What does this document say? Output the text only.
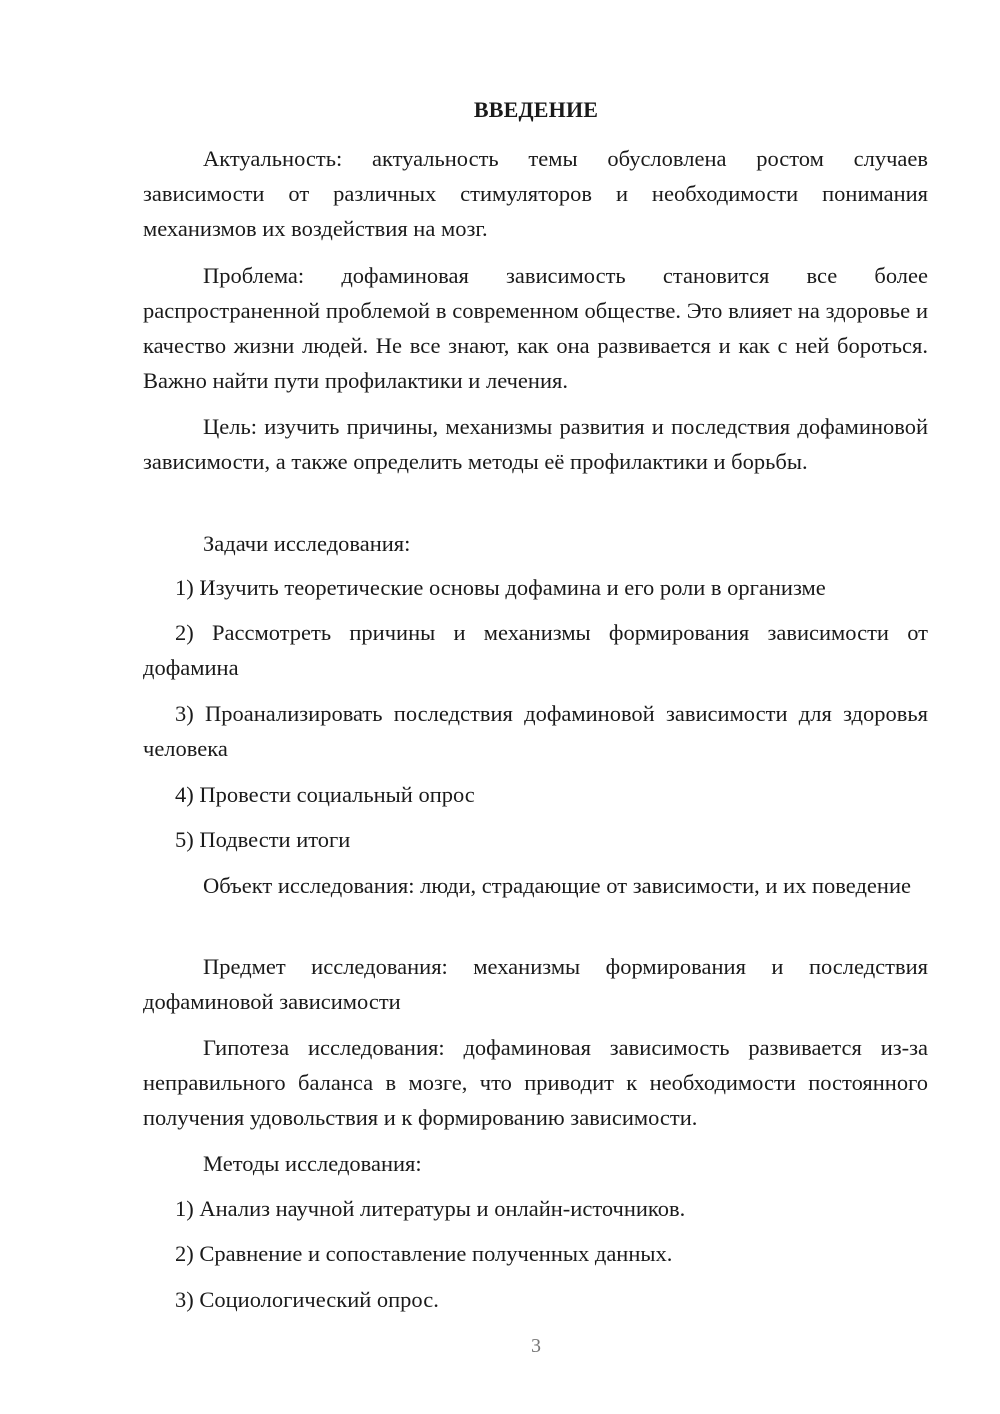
ВВЕДЕНИЕ

Актуальность: актуальность темы обусловлена ростом случаев зависимости от различных стимуляторов и необходимости понимания механизмов их воздействия на мозг.

Проблема: дофаминовая зависимость становится все более распространенной проблемой в современном обществе. Это влияет на здоровье и качество жизни людей. Не все знают, как она развивается и как с ней бороться. Важно найти пути профилактики и лечения.

Цель: изучить причины, механизмы развития и последствия дофаминовой зависимости, а также определить методы её профилактики и борьбы.

Задачи исследования:

1) Изучить теоретические основы дофамина и его роли в организме

2) Рассмотреть причины и механизмы формирования зависимости от дофамина

3) Проанализировать последствия дофаминовой зависимости для здоровья человека

4) Провести социальный опрос

5) Подвести итоги

Объект исследования: люди, страдающие от зависимости, и их поведение

Предмет исследования: механизмы формирования и последствия дофаминовой зависимости

Гипотеза исследования: дофаминовая зависимость развивается из-за неправильного баланса в мозге, что приводит к необходимости постоянного получения удовольствия и к формированию зависимости.

Методы исследования:

1) Анализ научной литературы и онлайн-источников.

2) Сравнение и сопоставление полученных данных.

3) Социологический опрос.

3
